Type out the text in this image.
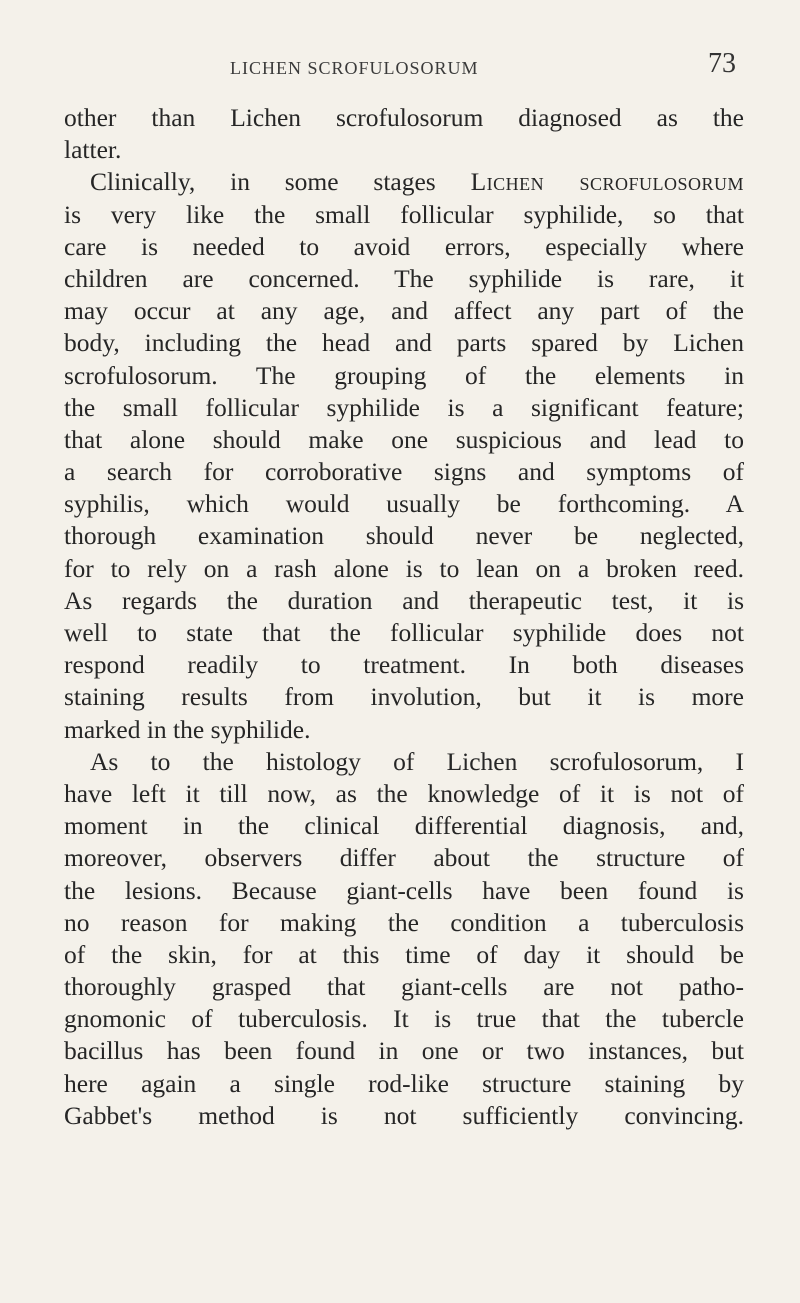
LICHEN SCROFULOSORUM	73
other than Lichen scrofulosorum diagnosed as the
latter.
Clinically, in some stages Lichen scrofulosorum
is very like the small follicular syphilide, so that
care is needed to avoid errors, especially where
children are concerned. The syphilide is rare, it
may occur at any age, and affect any part of the
body, including the head and parts spared by Lichen
scrofulosorum. The grouping of the elements in
the small follicular syphilide is a significant feature;
that alone should make one suspicious and lead to
a search for corroborative signs and symptoms of
syphilis, which would usually be forthcoming. A
thorough examination should never be neglected,
for to rely on a rash alone is to lean on a broken reed.
As regards the duration and therapeutic test, it is
well to state that the follicular syphilide does not
respond readily to treatment. In both diseases
staining results from involution, but it is more
marked in the syphilide.
As to the histology of Lichen scrofulosorum, I
have left it till now, as the knowledge of it is not of
moment in the clinical differential diagnosis, and,
moreover, observers differ about the structure of
the lesions. Because giant-cells have been found is
no reason for making the condition a tuberculosis
of the skin, for at this time of day it should be
thoroughly grasped that giant-cells are not patho-
gnomonic of tuberculosis. It is true that the tubercle
bacillus has been found in one or two instances, but
here again a single rod-like structure staining by
Gabbet's method is not sufficiently convincing.
